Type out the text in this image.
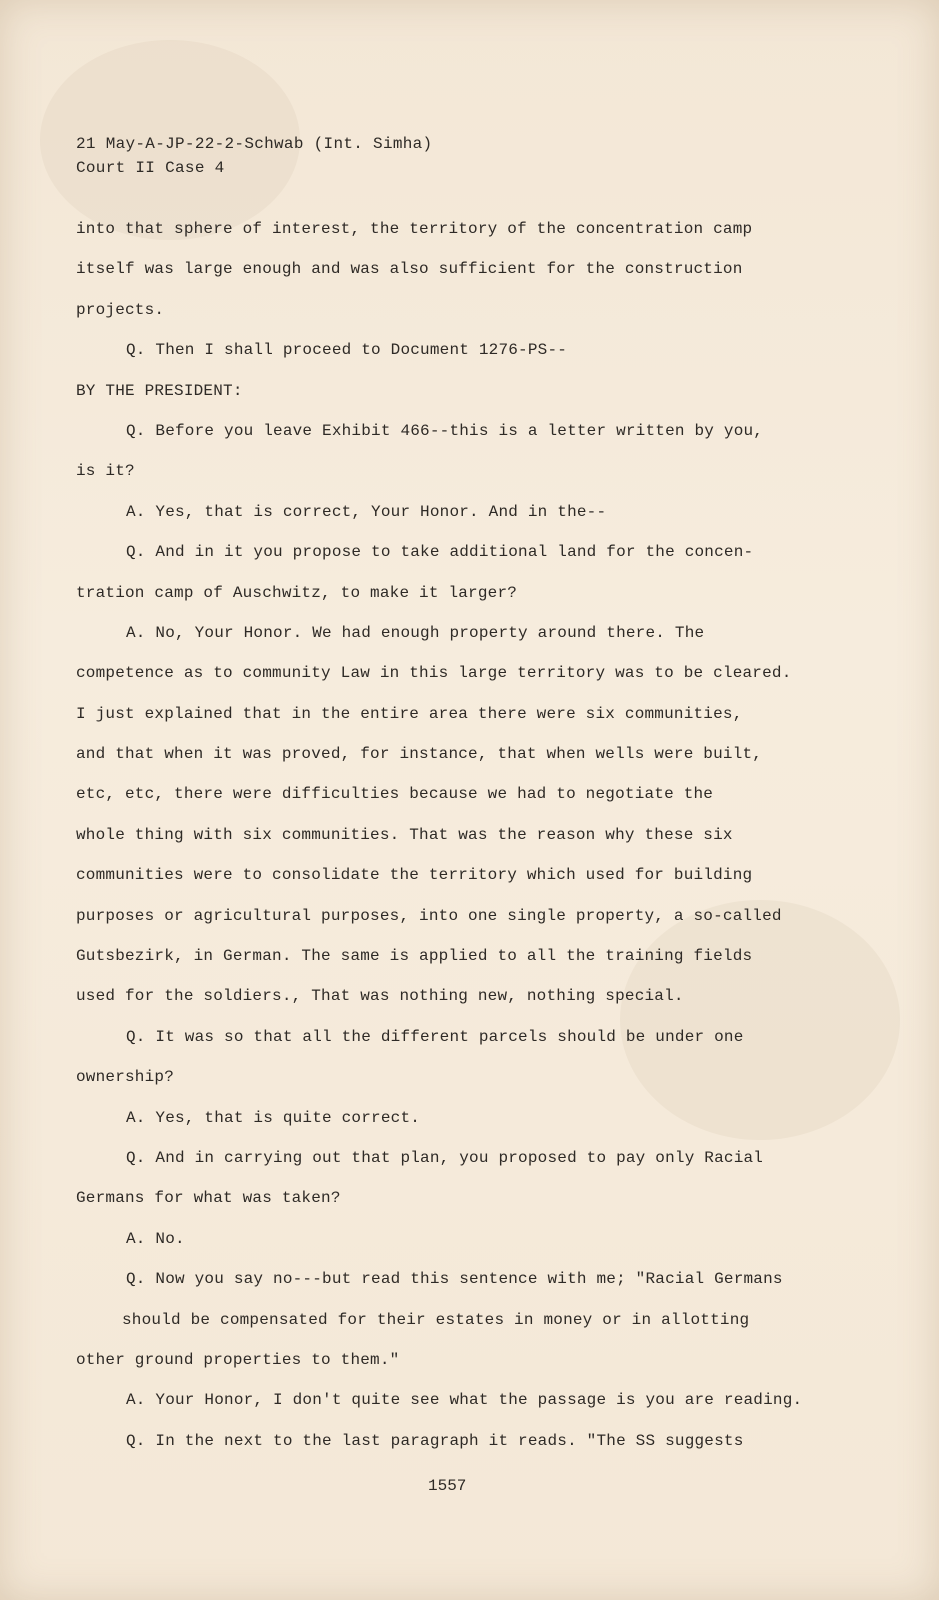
21 May-A-JP-22-2-Schwab (Int. Simha)
Court II Case 4
into that sphere of interest, the territory of the concentration camp
itself was large enough and was also sufficient for the construction
projects.
Q. Then I shall proceed to Document 1276-PS--
BY THE PRESIDENT:
Q. Before you leave Exhibit 466--this is a letter written by you,
is it?
A. Yes, that is correct, Your Honor. And in the--
Q. And in it you propose to take additional land for the concen-
tration camp of Auschwitz, to make it larger?
A. No, Your Honor. We had enough property around there. The
competence as to community Law in this large territory was to be cleared.
I just explained that in the entire area there were six communities,
and that when it was proved, for instance, that when wells were built,
etc, etc, there were difficulties because we had to negotiate the
whole thing with six communities. That was the reason why these six
communities were to consolidate the territory which used for building
purposes or agricultural purposes, into one single property, a so-called
Gutsbezirk, in German. The same is applied to all the training fields
used for the soldiers., That was nothing new, nothing special.
Q. It was so that all the different parcels should be under one
ownership?
A. Yes, that is quite correct.
Q. And in carrying out that plan, you proposed to pay only Racial
Germans for what was taken?
A. No.
Q. Now you say no---but read this sentence with me; "Racial Germans
should be compensated for their estates in money or in allotting
other ground properties to them."
A. Your Honor, I don't quite see what the passage is you are reading.
Q. In the next to the last paragraph it reads. "The SS suggests
1557
